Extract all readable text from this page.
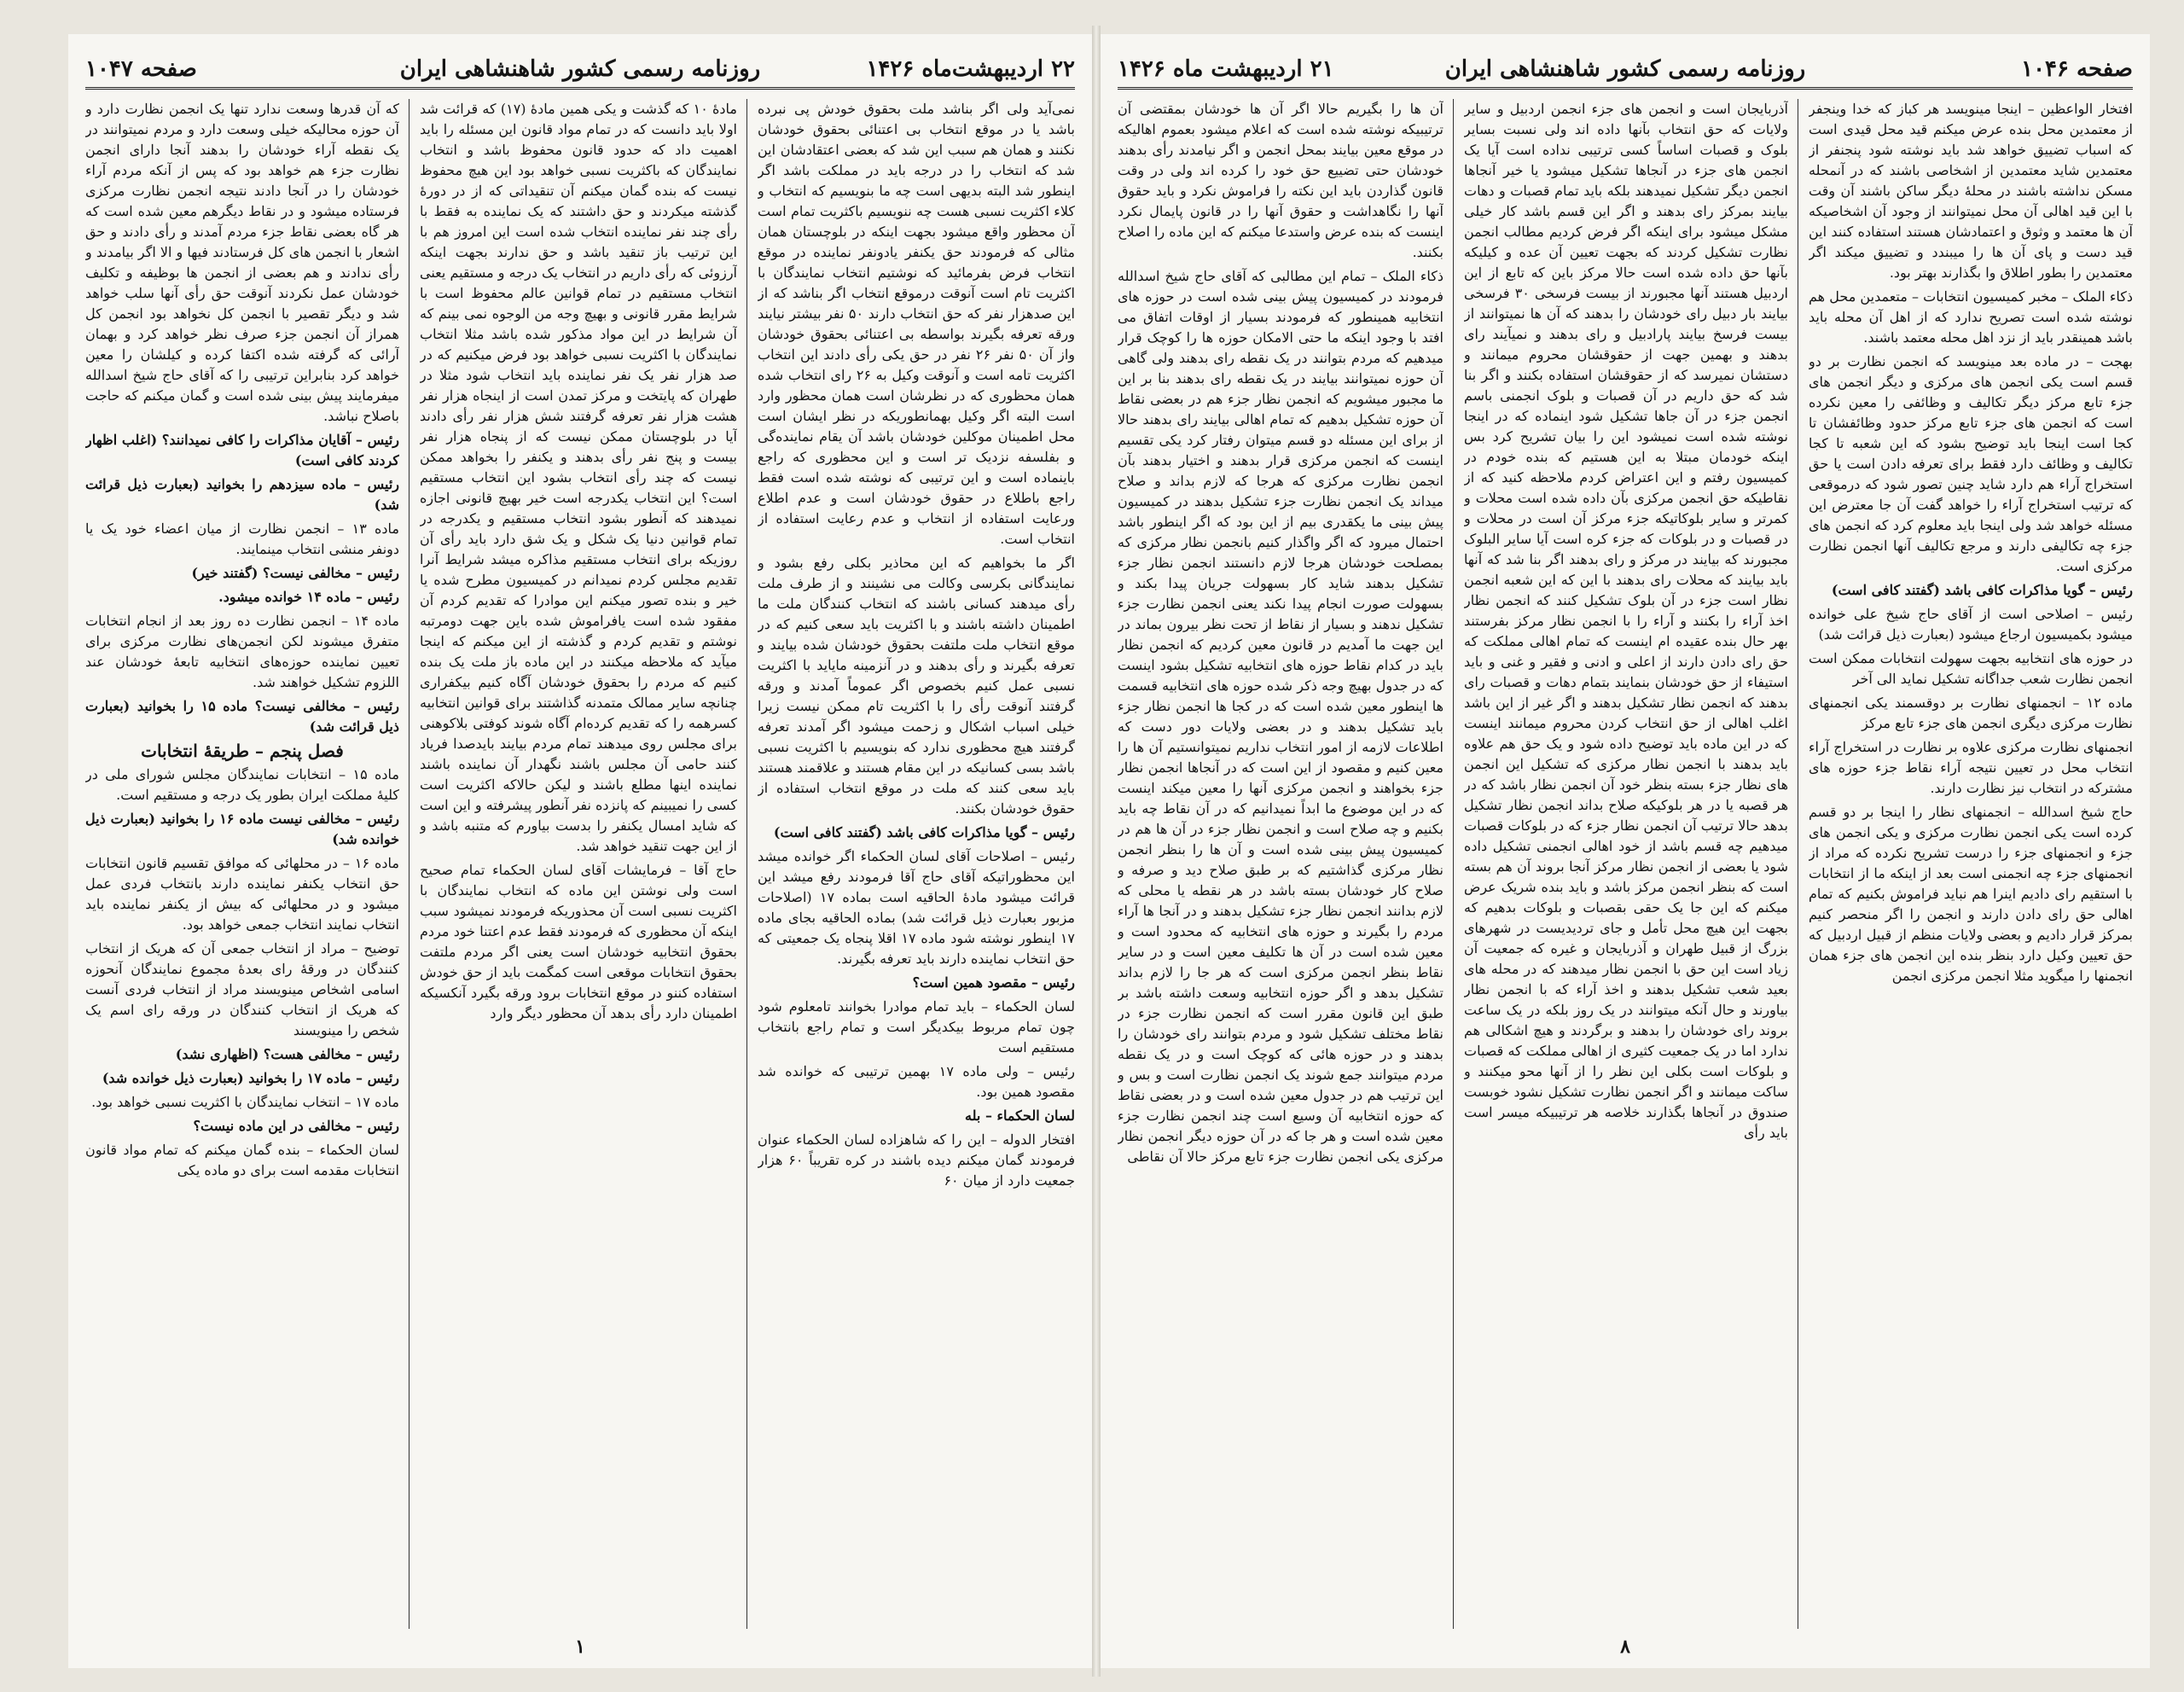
۲۲ اردیبهشت‌ماه ۱۴۲۶
روزنامه رسمی کشور شاهنشاهی ایران
صفحه ۱۰۴۷

نمی‌آید ولی اگر بناشد ملت بحقوق خودش پی نبرده باشد یا در موقع انتخاب بی اعتنائی بحقوق خودشان نکنند و همان هم سبب این شد که بعضی اعتقادشان این شد که انتخاب را در درجه باید در مملکت باشد اگر اینطور شد البته بدیهی است چه ما بنویسیم که انتخاب و کلاء اکثریت نسبی هست چه ننویسیم باکثریت تمام است آن محظور واقع میشود بجهت اینکه در بلوچستان همان مثالی که فرمودند حق یکنفر یادونفر نماینده در موقع انتخاب فرض بفرمائید که نوشتیم انتخاب نمایندگان با اکثریت تام است آنوقت درموقع انتخاب اگر بناشد که از این صدهزار نفر که حق انتخاب دارند ۵۰ نفر بیشتر نیایند ورقه تعرفه بگیرند بواسطه بی اعتنائی بحقوق خودشان واز آن ۵۰ نفر ۲۶ نفر در حق یکی رأی دادند این انتخاب اکثریت تامه است و آنوقت وکیل به ۲۶ رای انتخاب شده همان محظوری که در نظرشان است همان محظور وارد است البته اگر وکیل بهمانطوریکه در نظر ایشان است محل اطمینان موکلین خودشان باشد آن یقام نماینده‌گی و بفلسفه نزدیک تر است و این محظوری که راجع باینماده است و این ترتیبی که نوشته شده است فقط راجع باطلاع در حقوق خودشان است و عدم اطلاع ورعایت استفاده از انتخاب و عدم رعایت استفاده از انتخاب است.

اگر ما بخواهیم که این محاذیر بکلی رفع بشود و نمایندگانی بکرسی وکالت می نشینند و از طرف ملت رأی میدهند کسانی باشند که انتخاب کنندگان ملت ما اطمینان داشته باشند و با اکثریت باید سعی کنیم که در موقع انتخاب ملت ملتفت بحقوق خودشان شده بیایند و تعرفه بگیرند و رأی بدهند و در آنزمینه مایاید با اکثریت نسبی عمل کنیم بخصوص اگر عموماً آمدند و ورقه گرفتند آنوقت رأی را با اکثریت تام ممکن نیست زیرا خیلی اسباب اشکال و زحمت میشود اگر آمدند تعرفه گرفتند هیچ محظوری ندارد که بنویسیم با اکثریت نسبی باشد بسی کسانیکه در این مقام هستند و علاقمند هستند باید سعی کنند که ملت در موقع انتخاب استفاده از حقوق خودشان بکنند.

رئیس – گویا مذاکرات کافی باشد (گفتند کافی است)

رئیس – اصلاحات آقای لسان الحکماء اگر خوانده میشد این محظوراتیکه آقای حاج آقا فرمودند رفع میشد این قرائت میشود مادهٔ الحاقیه است بماده ۱۷ (اصلاحات مزبور بعبارت ذیل قرائت شد) بماده الحاقیه بجای ماده ۱۷ اینطور نوشته شود ماده ۱۷ اقلا پنجاه یک جمعیتی که حق انتخاب نماینده دارند باید تعرفه بگیرند.

رئیس – مقصود همین است؟

لسان الحکماء – باید تمام موادرا بخوانند تامعلوم شود چون تمام مربوط بیکدیگر است و تمام راجع بانتخاب مستقیم است

رئیس – ولی ماده ۱۷ بهمین ترتیبی که خوانده شد مقصود همین بود.

لسان الحکماء – بله

افتخار الدوله – این را که شاهزاده لسان الحکماء عنوان فرمودند گمان میکنم دیده باشند در کره تقریباً ۶۰ هزار جمعیت دارد از میان ۶۰

مادهٔ ۱۰ که گذشت و یکی همین مادهٔ (۱۷) که قرائت شد اولا باید دانست که در تمام مواد قانون این مسئله را باید اهمیت داد که حدود قانون محفوظ باشد و انتخاب نمایندگان که باکثریت نسبی خواهد بود این هیچ محفوظ نیست که بنده گمان میکنم آن تنقیداتی که از در دورهٔ گذشته میکردند و حق داشتند که یک نماینده به فقط با رأی چند نفر نماینده انتخاب شده است این امروز هم با این ترتیب باز تنقید باشد و حق ندارند بجهت اینکه آرزوئی که رأی داریم در انتخاب یک درجه و مستقیم یعنی انتخاب مستقیم در تمام قوانین عالم محفوظ است با شرایط مقرر قانونی و بهیچ وجه من الوجوه نمی بینم که آن شرایط در این مواد مذکور شده باشد مثلا انتخاب نمایندگان با اکثریت نسبی خواهد بود فرض میکنیم که در صد هزار نفر یک نفر نماینده باید انتخاب شود مثلا در طهران که پایتخت و مرکز تمدن است از اینجاه هزار نفر هشت هزار نفر تعرفه گرفتند شش هزار نفر رأی دادند آیا در بلوچستان ممکن نیست که از پنجاه هزار نفر بیست و پنج نفر رأی بدهند و یکنفر را بخواهد ممکن نیست که چند رأی انتخاب بشود این انتخاب مستقیم است؟ این انتخاب یکدرجه است خیر بهیچ قانونی اجازه نمیدهند که آنطور بشود انتخاب مستقیم و یکدرجه در تمام قوانین دنیا یک شکل و یک شق دارد باید رأی آن روزیکه برای انتخاب مستقیم مذاکره میشد شرایط آنرا تقدیم مجلس کردم نمیدانم در کمیسیون مطرح شده یا خیر و بنده تصور میکنم این موادرا که تقدیم کردم آن مفقود شده است یافراموش شده باین جهت دومرتبه نوشتم و تقدیم کردم و گذشته از این میکنم که اینجا میآید که ملاحظه میکنند در این ماده باز ملت یک بنده کنیم که مردم را بحقوق خودشان آگاه کنیم بیکفراری چنانچه سایر ممالک متمدنه گذاشتند برای قوانین انتخابیه کسرهمه را که تقدیم کرده‌ام آگاه شوند کوفتی بلاکوهنی برای مجلس روی میدهند تمام مردم بیایند بایدصدا فریاد کنند حامی آن مجلس باشند نگهدار آن نماینده باشند نماینده اینها مطلع باشند و لیکن حالاکه اکثریت است کسی را نمیبینم که پانزده نفر آنطور پیشرفته و این است که شاید امسال یکنفر را بدست بیاورم که متنبه باشد و از این جهت تنقید خواهد شد.

حاج آقا – فرمایشات آقای لسان الحکماء تمام صحیح است ولی نوشتن این ماده که انتخاب نمایندگان با اکثریت نسبی است آن محذوریکه فرمودند نمیشود سبب اینکه آن محظوری که فرمودند فقط عدم اعتنا خود مردم بحقوق انتخابیه خودشان است یعنی اگر مردم ملتفت بحقوق انتخابات موقعی است کمگمت باید از حق خودش استفاده کننو در موقع انتخابات برود ورقه بگیرد آنکسیکه اطمینان دارد رأی بدهد آن محظور دیگر وارد

که آن قدرها وسعت ندارد تنها یک انجمن نظارت دارد و آن حوزه محالیکه خیلی وسعت دارد و مردم نمیتوانند در یک نقطه آراء خودشان را بدهند آنجا دارای انجمن نظارت جزء هم خواهد بود که پس از آنکه مردم آراء خودشان را در آنجا دادند نتیجه انجمن نظارت مرکزی فرستاده میشود و در نقاط دیگرهم معین شده است که هر گاه بعضی نقاط جزء مردم آمدند و رأی دادند و حق اشعار با انجمن های کل فرستادند فیها و الا اگر بیامدند و رأی ندادند و هم بعضی از انجمن ها بوظیفه و تکلیف خودشان عمل نکردند آنوقت حق رأی آنها سلب خواهد شد و دیگر تقصیر با انجمن کل نخواهد بود انجمن کل همراز آن انجمن جزء صرف نظر خواهد کرد و بهمان آرائی که گرفته شده اکتفا کرده و کیلشان را معین خواهد کرد بنابراین ترتیبی را که آقای حاج شیخ اسدالله میفرمایند پیش بینی شده است و گمان میکنم که حاجت باصلاح نباشد.

رئیس – آقایان مذاکرات را کافی نمیدانند؟ (اغلب اظهار کردند کافی است)

رئیس – ماده سیزدهم را بخوانید (بعبارت ذیل قرائت شد)

ماده ۱۳ – انجمن نظارت از میان اعضاء خود یک یا دونفر منشی انتخاب مینمایند.

رئیس – مخالفی نیست؟ (گفتند خیر)

رئیس – ماده ۱۴ خوانده میشود.

ماده ۱۴ – انجمن نظارت ده روز بعد از انجام انتخابات متفرق میشوند لکن انجمن‌های نظارت مرکزی برای تعیین نماینده حوزه‌های انتخابیه تابعهٔ خودشان عند اللزوم تشکیل خواهند شد.

رئیس – مخالفی نیست؟ ماده ۱۵ را بخوانید (بعبارت ذیل قرائت شد)

فصل پنجم – طریقهٔ انتخابات

ماده ۱۵ – انتخابات نمایندگان مجلس شورای ملی در کلیهٔ مملکت ایران بطور یک درجه و مستقیم است.

رئیس – مخالفی نیست ماده ۱۶ را بخوانید (بعبارت ذیل خوانده شد)

ماده ۱۶ – در محلهائی که موافق تقسیم قانون انتخابات حق انتخاب یکنفر نماینده دارند بانتخاب فردی عمل میشود و در محلهائی که بیش از یکنفر نماینده باید انتخاب نمایند انتخاب جمعی خواهد بود.

توضیح – مراد از انتخاب جمعی آن که هریک از انتخاب کنندگان در ورقهٔ رای بعدهٔ مجموع نمایندگان آنحوزه اسامی اشخاص مینویسند مراد از انتخاب فردی آنست که هریک از انتخاب کنندگان در ورقه رای اسم یک شخص را مینویسند

رئیس – مخالفی هست؟ (اظهاری نشد)

رئیس – ماده ۱۷ را بخوانید (بعبارت ذیل خوانده شد)

ماده ۱۷ – انتخاب نمایندگان با اکثریت نسبی خواهد بود.

رئیس – مخالفی در این ماده نیست؟

لسان الحکماء – بنده گمان میکنم که تمام مواد قانون انتخابات مقدمه است برای دو ماده یکی

۱
صفحه ۱۰۴۶
روزنامه رسمی کشور شاهنشاهی ایران
۲۱ اردیبهشت ماه ۱۴۲۶

افتخار الواعظین – اینجا مینویسد هر کباز که خدا وینجفر از معتمدین محل بنده عرض میکنم قید محل قیدی است که اسباب تضییق خواهد شد باید نوشته شود پنجنفر از معتمدین شاید معتمدین از اشخاصی باشند که در آنمحله مسکن نداشته باشند در محلهٔ دیگر ساکن باشند آن وقت با این قید اهالی آن محل نمیتوانند از وجود آن اشخاصیکه آن ها معتمد و وثوق و اعتمادشان هستند استفاده کنند این قید دست و پای آن ها را میبندد و تضییق میکند اگر معتمدین را بطور اطلاق وا بگذارند بهتر بود.

ذکاء الملک – مخبر کمیسیون انتخابات – متعمدین محل هم نوشته شده است تصریح ندارد که از اهل آن محله باید باشد همینقدر باید از نزد اهل محله معتمد باشند.

بهجت – در ماده بعد مینویسد که انجمن نظارت بر دو قسم است یکی انجمن های مرکزی و دیگر انجمن های جزء تابع مرکز دیگر تکالیف و وظائفی را معین نکرده است که انجمن های جزء تابع مرکز حدود وظائفشان تا کجا است اینجا باید توضیح بشود که این شعبه تا کجا تکالیف و وظائف دارد فقط برای تعرفه دادن است یا حق استخراج آراء هم دارد شاید چنین تصور شود که درموقعی که ترتیب استخراج آراء را خواهد گفت آن جا معترض این مسئله خواهد شد ولی اینجا باید معلوم کرد که انجمن های جزء چه تکالیفی دارند و مرجع تکالیف آنها انجمن نظارت مرکزی است.

رئیس – گویا مذاکرات کافی باشد (گفتند کافی است)

رئیس – اصلاحی است از آقای حاج شیخ علی خوانده میشود بکمیسیون ارجاع میشود (بعبارت ذیل قرائت شد)

در حوزه های انتخابیه بجهت سهولت انتخابات ممکن است انجمن نظارت شعب جداگانه تشکیل نماید الی آخر

ماده ۱۲ – انجمنهای نظارت بر دوقسمند یکی انجمنهای نظارت مرکزی دیگری انجمن های جزء تابع مرکز

انجمنهای نظارت مرکزی علاوه بر نظارت در استخراج آراء انتخاب محل در تعیین نتیجه آراء نقاط جزء حوزه های مشترکه در انتخاب نیز نظارت دارند.

حاج شیخ اسدالله – انجمنهای نظار را اینجا بر دو قسم کرده است یکی انجمن نظارت مرکزی و یکی انجمن های جزء و انجمنهای جزء را درست تشریح نکرده که مراد از انجمنهای جزء چه انجمنی است بعد از اینکه ما از انتخابات با استقیم رای دادیم اینرا هم نباید فراموش بکنیم که تمام اهالی حق رای دادن دارند و انجمن را اگر منحصر کنیم بمرکز قرار دادیم و بعضی ولایات منظم از قبیل اردبیل که حق تعیین وکیل دارد بنظر بنده این انجمن های جزء همان انجمنها را میگوید مثلا انجمن مرکزی انجمن

آذربایجان است و انجمن های جزء انجمن اردبیل و سایر ولایات که حق انتخاب بآنها داده اند ولی نسبت بسایر بلوک و قصبات اساساً کسی ترتیبی نداده است آیا یک انجمن های جزء در آنجاها تشکیل میشود یا خیر آنجاها انجمن دیگر تشکیل نمیدهند بلکه باید تمام قصبات و دهات بیایند بمرکز رای بدهند و اگر این قسم باشد کار خیلی مشکل میشود برای اینکه اگر فرض کردیم مطالب انجمن نظارت تشکیل کردند که بجهت تعیین آن عده و کیلیکه بآنها حق داده شده است حالا مرکز باین که تابع از این اردبیل هستند آنها مجبورند از بیست فرسخی ۳۰ فرسخی بیایند بار دبیل رای خودشان را بدهند که آن ها نمیتوانند از بیست فرسخ بیایند پارادبیل و رای بدهند و نمیآیند رای بدهند و بهمین جهت از حقوقشان محروم میمانند و دستشان نمیرسد که از حقوقشان استفاده بکنند و اگر بنا شد که حق داریم در آن قصبات و بلوک انجمنی باسم انجمن جزء در آن جاها تشکیل شود اینماده که در اینجا نوشته شده است نمیشود این را بیان تشریح کرد بس اینکه خودمان مبتلا به این هستیم که بنده خودم در کمیسیون رفتم و این اعتراض کردم ملاحظه کنید که از نقاطیکه حق انجمن مرکزی بآن داده شده است محلات و کمرتر و سایر بلوکاتیکه جزء مرکز آن است در محلات و در قصبات و در بلوکات که جزء کره است آیا سایر البلوک مجبورند که بیایند در مرکز و رای بدهند اگر بنا شد که آنها باید بیایند که محلات رای بدهند با این که این شعبه انجمن نظار است جزء در آن بلوک تشکیل کنند که انجمن نظار اخذ آراء را بکنند و آراء را با انجمن نظار مرکز بفرستند بهر حال بنده عقیده ام اینست که تمام اهالی مملکت که حق رای دادن دارند از اعلی و ادنی و فقیر و غنی و باید استیفاء از حق خودشان بنمایند بتمام دهات و قصبات رای بدهند که انجمن نظار تشکیل بدهند و اگر غیر از این باشد اغلب اهالی از حق انتخاب کردن محروم میمانند اینست که در این ماده باید توضیح داده شود و یک حق هم علاوه باید بدهند با انجمن نظار مرکزی که تشکیل این انجمن های نظار جزء بسته بنظر خود آن انجمن نظار باشد که در هر قصبه یا در هر بلوکیکه صلاح بداند انجمن نظار تشکیل بدهد حالا ترتیب آن انجمن نظار جزء که در بلوکات قصبات میدهیم چه قسم باشد از خود اهالی انجمنی تشکیل داده شود یا بعضی از انجمن نظار مرکز آنجا بروند آن هم بسته است که بنظر انجمن مرکز باشد و باید بنده شریک عرض میکنم که این جا یک حقی بقصبات و بلوکات بدهیم که بجهت این هیچ محل تأمل و جای تردیدیست در شهرهای بزرگ از قبیل طهران و آذربایجان و غیره که جمعیت آن زیاد است این حق با انجمن نظار میدهند که در محله های بعید شعب تشکیل بدهند و اخذ آراء که با انجمن نظار بیاورند و حال آنکه میتوانند در یک روز بلکه در یک ساعت بروند رای خودشان را بدهند و برگردند و هیچ اشکالی هم ندارد اما در یک جمعیت کثیری از اهالی مملکت که قصبات و بلوکات است بکلی این نظر را از آنها محو میکنند و ساکت میمانند و اگر انجمن نظارت تشکیل نشود خوبست صندوق در آنجاها بگذارند خلاصه هر ترتیبیکه میسر است باید رأی

آن ها را بگیریم حالا اگر آن ها خودشان بمقتضی آن ترتیبیکه نوشته شده است که اعلام میشود بعموم اهالیکه در موقع معین بیایند بمحل انجمن و اگر نیامدند رأی بدهند خودشان حتی تضییع حق خود را کرده اند ولی در وقت قانون گذاردن باید این نکته را فراموش نکرد و باید حقوق آنها را نگاهداشت و حقوق آنها را در قانون پایمال نکرد اینست که بنده عرض واستدعا میکنم که این ماده را اصلاح بکنند.

ذکاء الملک – تمام این مطالبی که آقای حاج شیخ اسدالله فرمودند در کمیسیون پیش بینی شده است در حوزه های انتخابیه همینطور که فرمودند بسیار از اوقات اتفاق می افتد با وجود اینکه ما حتی الامکان حوزه ها را کوچک قرار میدهیم که مردم بتوانند در یک نقطه رای بدهند ولی گاهی آن حوزه نمیتوانند بیایند در یک نقطه رای بدهند بنا بر این ما مجبور میشویم که انجمن نظار جزء هم در بعضی نقاط آن حوزه تشکیل بدهیم که تمام اهالی بیایند رای بدهند حالا از برای این مسئله دو قسم میتوان رفتار کرد یکی تقسیم اینست که انجمن مرکزی قرار بدهند و اختیار بدهند بآن انجمن نظارت مرکزی که هرجا که لازم بداند و صلاح میداند یک انجمن نظارت جزء تشکیل بدهند در کمیسیون پیش بینی ما یکقدری بیم از این بود که اگر اینطور باشد احتمال میرود که اگر واگذار کنیم بانجمن نظار مرکزی که بمصلحت خودشان هرجا لازم دانستند انجمن نظار جزء تشکیل بدهند شاید کار بسهولت جریان پیدا بکند و بسهولت صورت انجام پیدا نکند یعنی انجمن نظارت جزء تشکیل ندهند و بسیار از نقاط از تحت نظر بیرون بماند در این جهت ما آمدیم در قانون معین کردیم که انجمن نظار باید در کدام نقاط حوزه های انتخابیه تشکیل بشود اینست که در جدول بهیچ وجه ذکر شده حوزه های انتخابیه قسمت ها اینطور معین شده است که در کجا ها انجمن نظار جزء باید تشکیل بدهند و در بعضی ولایات دور دست که اطلاعات لازمه از امور انتخاب نداریم نمیتوانستیم آن ها را معین کنیم و مقصود از این است که در آنجاها انجمن نظار جزء بخواهند و انجمن مرکزی آنها را معین میکند اینست که در این موضوع ما ابداً نمیدانیم که در آن نقاط چه باید بکنیم و چه صلاح است و انجمن نظار جزء در آن ها هم در کمیسیون پیش بینی شده است و آن ها را بنظر انجمن نظار مرکزی گذاشتیم که بر طبق صلاح دید و صرفه و صلاح کار خودشان بسته باشد در هر نقطه یا محلی که لازم بدانند انجمن نظار جزء تشکیل بدهند و در آنجا ها آراء مردم را بگیرند و حوزه های انتخابیه که محدود است و معین شده است در آن ها تکلیف معین است و در سایر نقاط بنظر انجمن مرکزی است که هر جا را لازم بداند تشکیل بدهد و اگر حوزه انتخابیه وسعت داشته باشد بر طبق این قانون مقرر است که انجمن نظارت جزء در نقاط مختلف تشکیل شود و مردم بتوانند رای خودشان را بدهند و در حوزه هائی که کوچک است و در یک نقطه مردم میتوانند جمع شوند یک انجمن نظارت است و بس و این ترتیب هم در جدول معین شده است و در بعضی نقاط که حوزه انتخابیه آن وسیع است چند انجمن نظارت جزء معین شده است و هر جا که در آن حوزه دیگر انجمن نظار مرکزی یکی انجمن نظارت جزء تابع مرکز حالا آن نقاطی

۸
